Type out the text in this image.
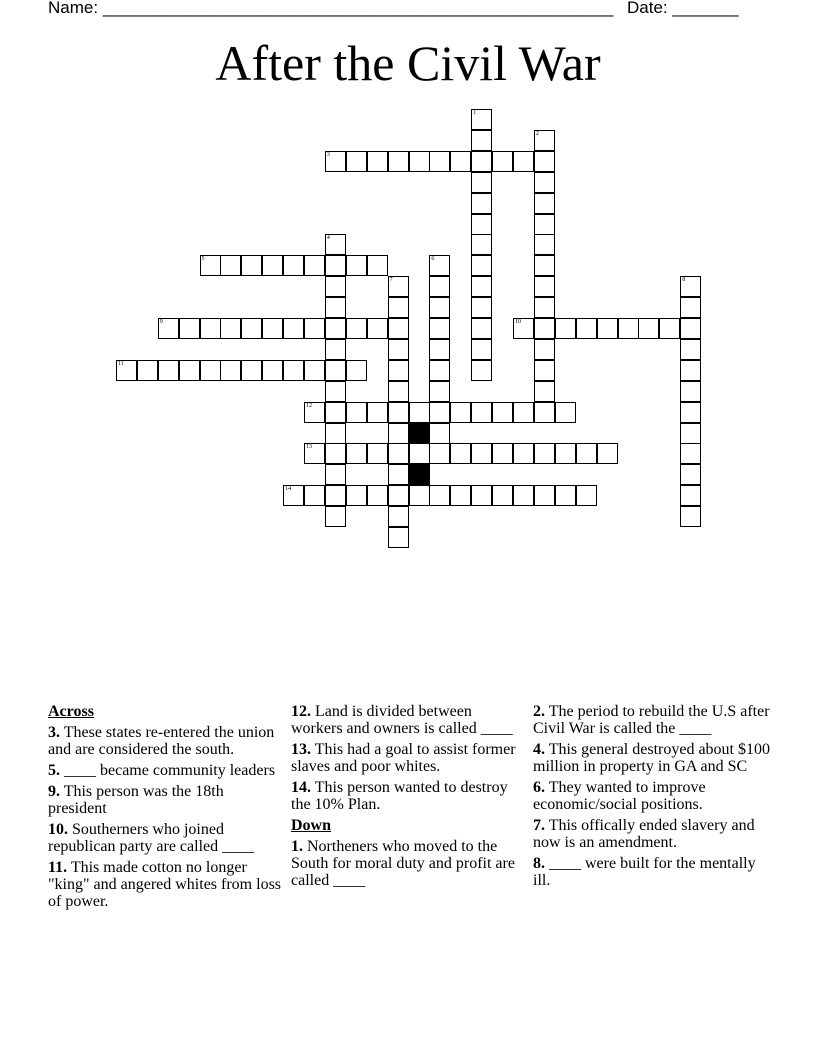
Name: ______________________________________________________ Date: _______
After the Civil War
1
2
3
4
5	6
7	8
9	10
11
12
13
14
Across
3. These states re-entered the union and are considered the south.
5. ____ became community leaders
9. This person was the 18th president
10. Southerners who joined republican party are called ____
11. This made cotton no longer "king" and angered whites from loss of power.
12. Land is divided between workers and owners is called ____
13. This had a goal to assist former slaves and poor whites.
14. This person wanted to destroy the 10% Plan.
Down
1. Northeners who moved to the South for moral duty and profit are called ____
2. The period to rebuild the U.S after Civil War is called the ____
4. This general destroyed about $100 million in property in GA and SC
6. They wanted to improve economic/social positions.
7. This offically ended slavery and now is an amendment.
8. ____ were built for the mentally ill.
